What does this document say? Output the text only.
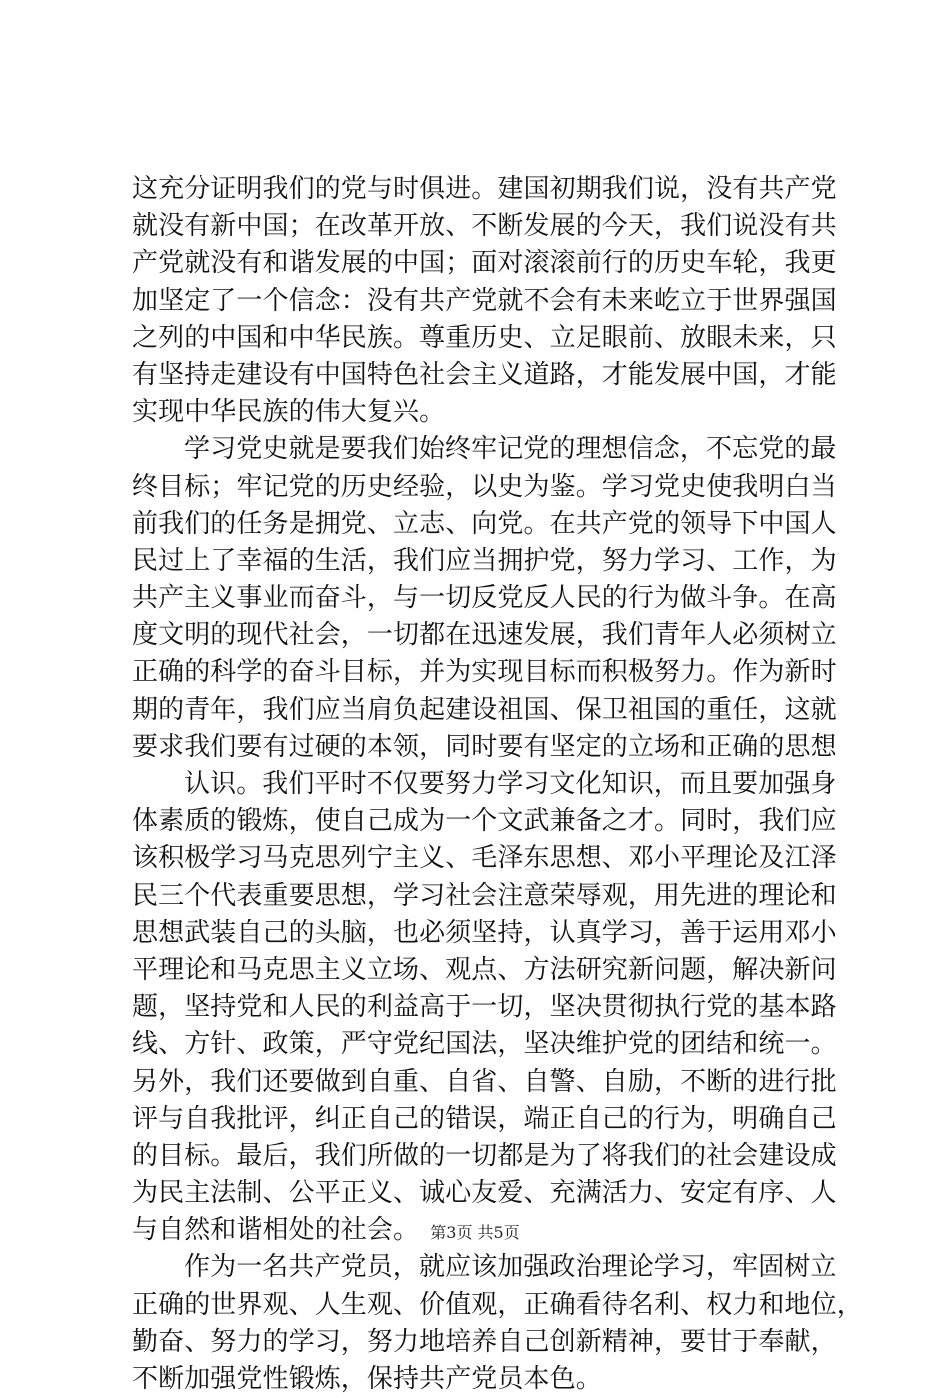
这充分证明我们的党与时俱进。建国初期我们说，没有共产党
就没有新中国；在改革开放、不断发展的今天，我们说没有共
产党就没有和谐发展的中国；面对滚滚前行的历史车轮，我更
加坚定了一个信念：没有共产党就不会有未来屹立于世界强国
之列的中国和中华民族。尊重历史、立足眼前、放眼未来，只
有坚持走建设有中国特色社会主义道路，才能发展中国，才能
实现中华民族的伟大复兴。
学习党史就是要我们始终牢记党的理想信念，不忘党的最
终目标；牢记党的历史经验，以史为鉴。学习党史使我明白当
前我们的任务是拥党、立志、向党。在共产党的领导下中国人
民过上了幸福的生活，我们应当拥护党，努力学习、工作，为
共产主义事业而奋斗，与一切反党反人民的行为做斗争。在高
度文明的现代社会，一切都在迅速发展，我们青年人必须树立
正确的科学的奋斗目标，并为实现目标而积极努力。作为新时
期的青年，我们应当肩负起建设祖国、保卫祖国的重任，这就
要求我们要有过硬的本领，同时要有坚定的立场和正确的思想
认识。我们平时不仅要努力学习文化知识，而且要加强身
体素质的锻炼，使自己成为一个文武兼备之才。同时，我们应
该积极学习马克思列宁主义、毛泽东思想、邓小平理论及江泽
民三个代表重要思想，学习社会注意荣辱观，用先进的理论和
思想武装自己的头脑，也必须坚持，认真学习，善于运用邓小
平理论和马克思主义立场、观点、方法研究新问题，解决新问
题，坚持党和人民的利益高于一切，坚决贯彻执行党的基本路
线、方针、政策，严守党纪国法，坚决维护党的团结和统一。
另外，我们还要做到自重、自省、自警、自励，不断的进行批
评与自我批评，纠正自己的错误，端正自己的行为，明确自己
的目标。最后，我们所做的一切都是为了将我们的社会建设成
为民主法制、公平正义、诚心友爱、充满活力、安定有序、人
与自然和谐相处的社会。
作为一名共产党员，就应该加强政治理论学习，牢固树立
正确的世界观、人生观、价值观，正确看待名利、权力和地位，
勤奋、努力的学习，努力地培养自己创新精神，要甘于奉献，
不断加强党性锻炼，保持共产党员本色。
第3页 共5页
